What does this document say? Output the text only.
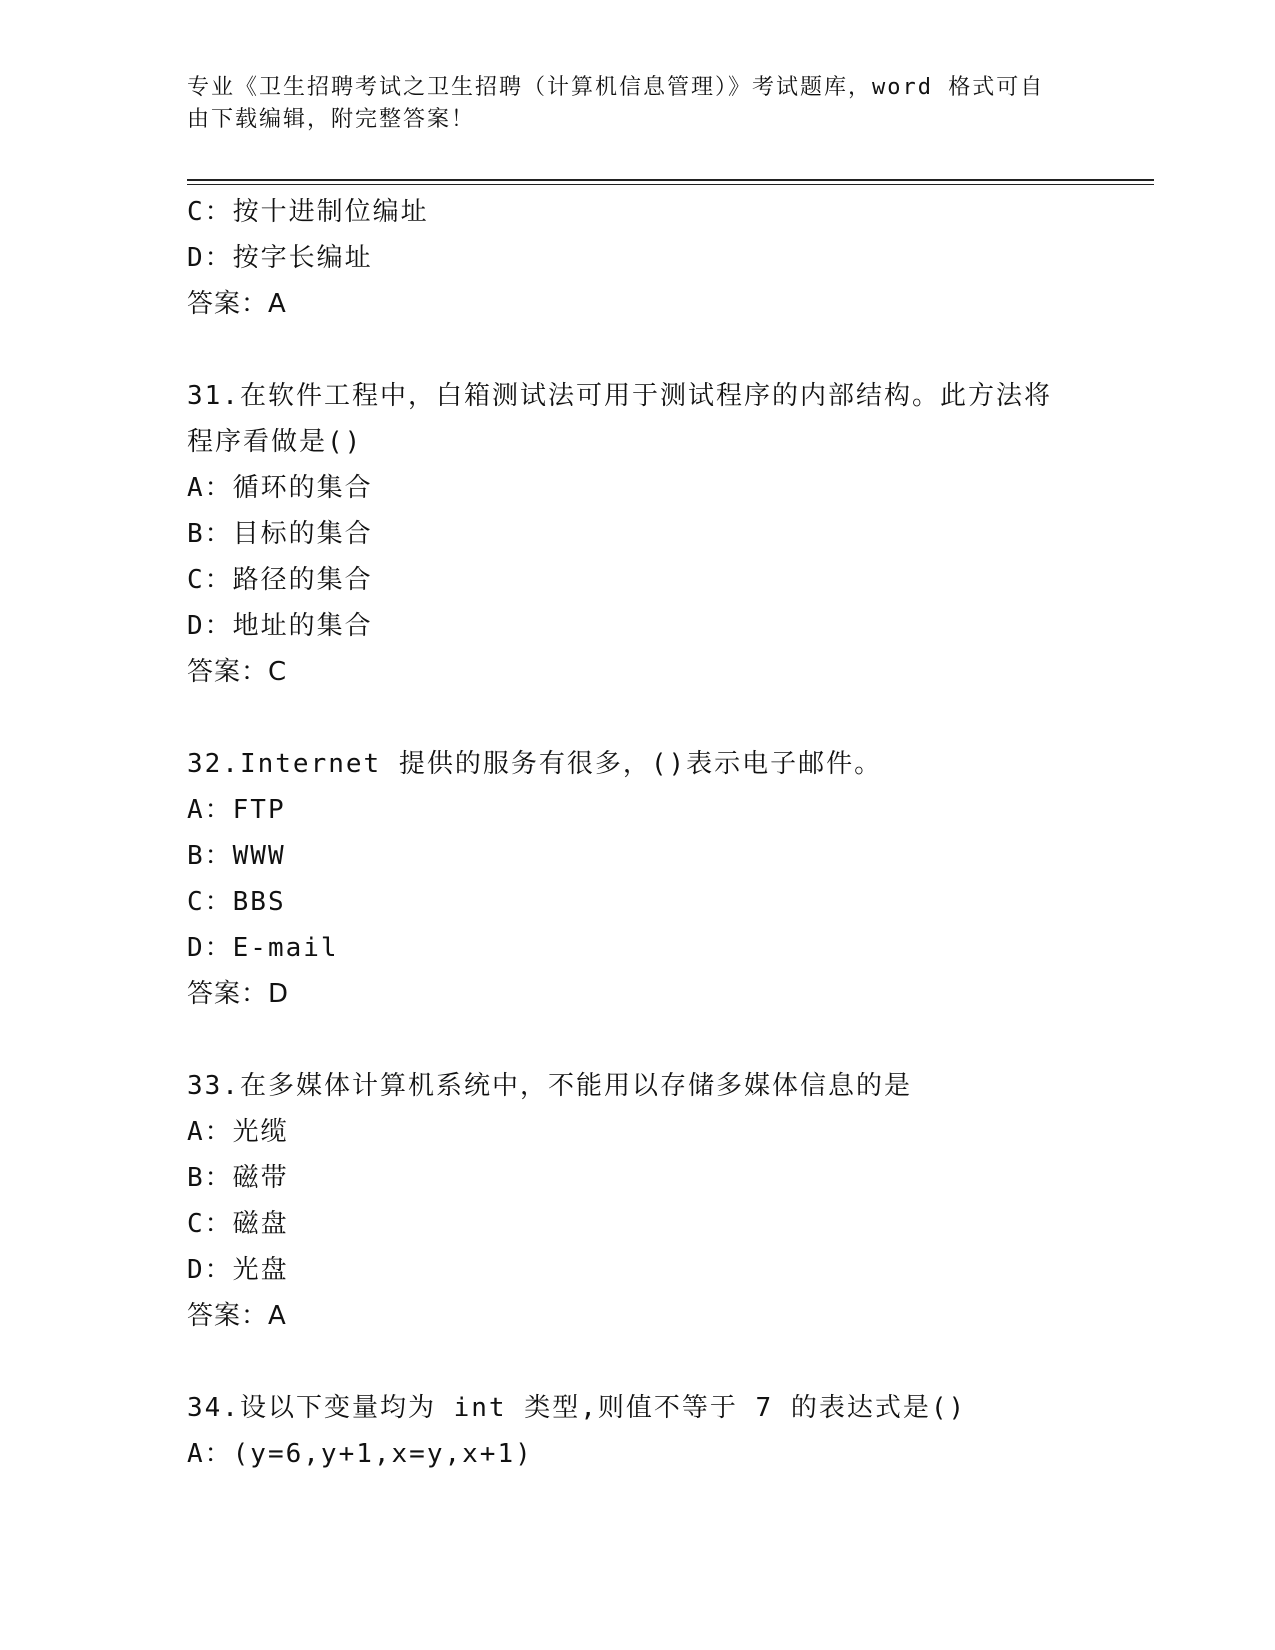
专业《卫生招聘考试之卫生招聘（计算机信息管理）》考试题库，word 格式可自
由下载编辑，附完整答案！
C：按十进制位编址
D：按字长编址
答案：A
31.在软件工程中，白箱测试法可用于测试程序的内部结构。此方法将
程序看做是()
A：循环的集合
B：目标的集合
C：路径的集合
D：地址的集合
答案：C
32.Internet 提供的服务有很多，()表示电子邮件。
A：FTP
B：WWW
C：BBS
D：E-mail
答案：D
33.在多媒体计算机系统中，不能用以存储多媒体信息的是
A：光缆
B：磁带
C：磁盘
D：光盘
答案：A
34.设以下变量均为 int 类型,则值不等于 7 的表达式是()
A：(y=6,y+1,x=y,x+1)
